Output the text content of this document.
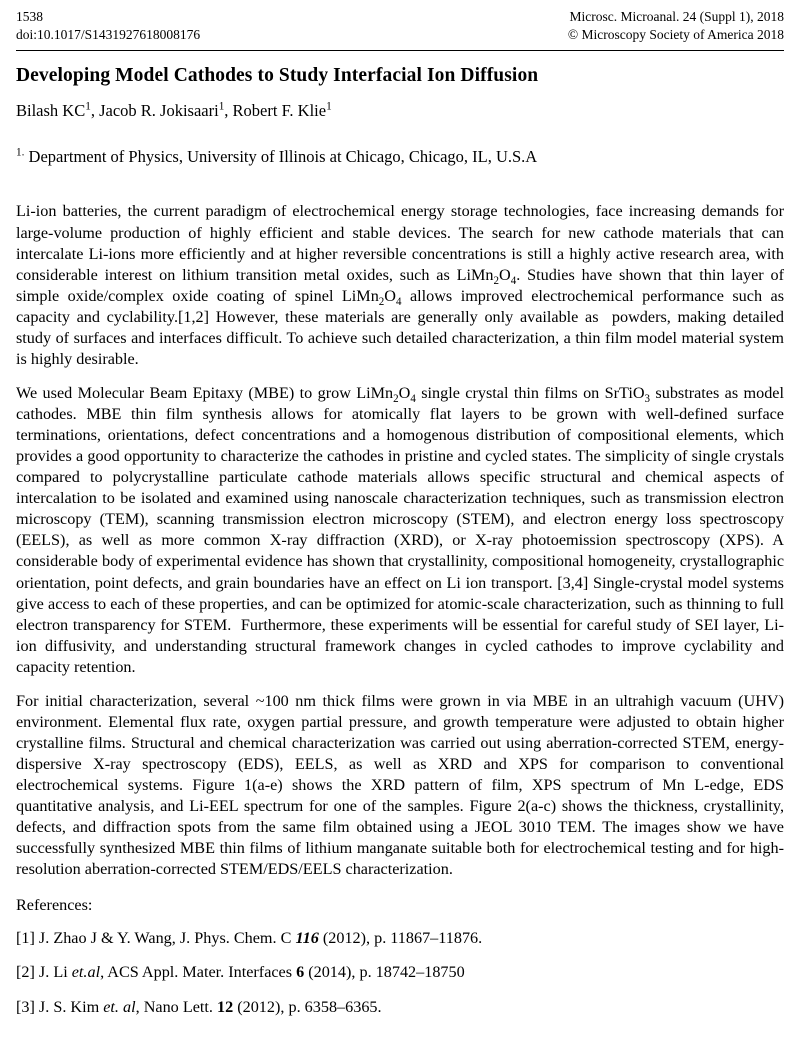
1538
doi:10.1017/S1431927618008176
Microsc. Microanal. 24 (Suppl 1), 2018
© Microscopy Society of America 2018
Developing Model Cathodes to Study Interfacial Ion Diffusion
Bilash $KC^1$, Jacob R. Jokisaari$^1$, Robert F. Klie$^1$
$^{1.}$ Department of Physics, University of Illinois at Chicago, Chicago, IL, U.S.A

Li-ion batteries, the current paradigm of electrochemical energy storage technologies, face increasing demands for large-volume production of highly efficient and stable devices. The search for new cathode materials that can intercalate Li-ions more efficiently and at higher reversible concentrations is still a highly active research area, with considerable interest on lithium transition metal oxides, such as $LiMn_2O_4$. Studies have shown that thin layer of simple oxide/complex oxide coating of spinel $LiMn_2O_4$ allows improved electrochemical performance such as capacity and cyclability.[1,2] However, these materials are generally only available as  powders, making detailed study of surfaces and interfaces difficult. To achieve such detailed characterization, a thin film model material system is highly desirable.

We used Molecular Beam Epitaxy (MBE) to grow $LiMn_2O_4$ single crystal thin films on SrTiO$_3$ substrates as model cathodes. MBE thin film synthesis allows for atomically flat layers to be grown with well-defined surface terminations, orientations, defect concentrations and a homogenous distribution of compositional elements, which provides a good opportunity to characterize the cathodes in pristine and cycled states. The simplicity of single crystals compared to polycrystalline particulate cathode materials allows specific structural and chemical aspects of intercalation to be isolated and examined using nanoscale characterization techniques, such as transmission electron microscopy (TEM), scanning transmission electron microscopy (STEM), and electron energy loss spectroscopy (EELS), as well as more common X-ray diffraction (XRD), or X-ray photoemission spectroscopy (XPS). A considerable body of experimental evidence has shown that crystallinity, compositional homogeneity, crystallographic orientation, point defects, and grain boundaries have an effect on Li ion transport. [3,4] Single-crystal model systems give access to each of these properties, and can be optimized for atomic-scale characterization, such as thinning to full electron transparency for STEM.  Furthermore, these experiments will be essential for careful study of SEI layer, Li-ion diffusivity, and understanding structural framework changes in cycled cathodes to improve cyclability and capacity retention.

For initial characterization, several ~100 nm thick films were grown in via MBE in an ultrahigh vacuum (UHV) environment. Elemental flux rate, oxygen partial pressure, and growth temperature were adjusted to obtain higher crystalline films. Structural and chemical characterization was carried out using aberration-corrected STEM, energy-dispersive X-ray spectroscopy (EDS), EELS, as well as XRD and XPS for comparison to conventional electrochemical systems. Figure 1(a-e) shows the XRD pattern of film, XPS spectrum of Mn L-edge, EDS quantitative analysis, and Li-EEL spectrum for one of the samples. Figure 2(a-c) shows the thickness, crystallinity, defects, and diffraction spots from the same film obtained using a JEOL 3010 TEM. The images show we have successfully synthesized MBE thin films of lithium manganate suitable both for electrochemical testing and for high-resolution aberration-corrected STEM/EDS/EELS characterization.

References:

[1] J. Zhao J & Y. Wang, J. Phys. Chem. C 116 (2012), p. 11867–11876.

[2] J. Li et.al, ACS Appl. Mater. Interfaces 6 (2014), p. 18742–18750

[3] J. S. Kim et. al, Nano Lett. 12 (2012), p. 6358–6365.
